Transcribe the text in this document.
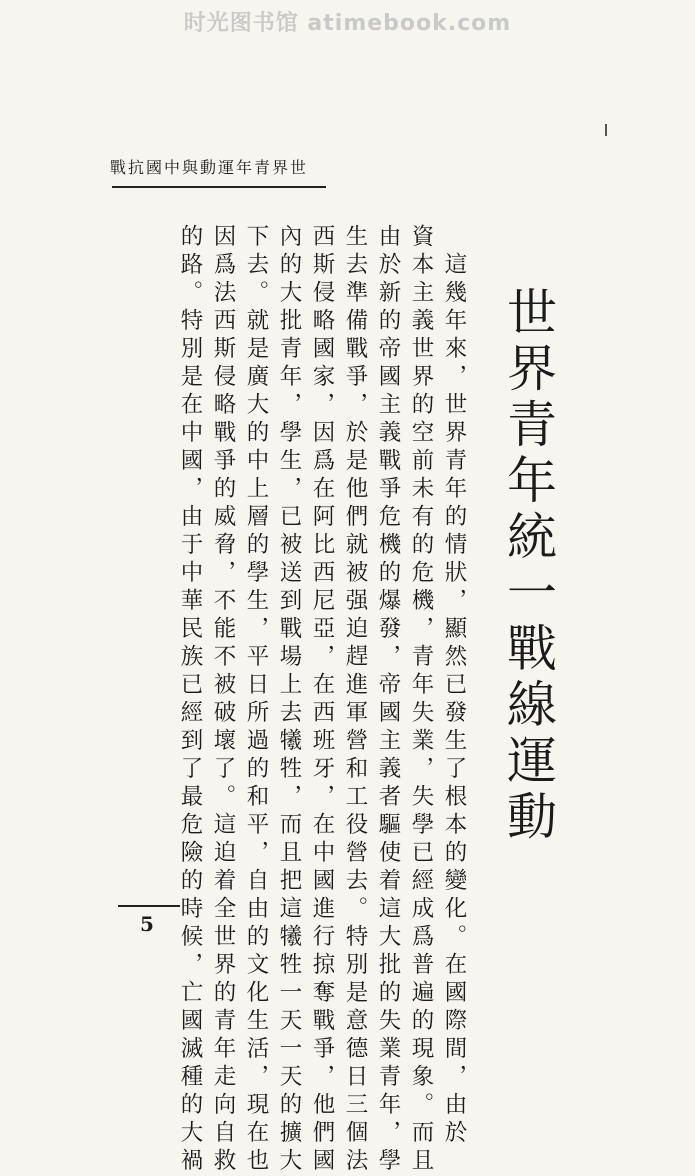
时光图书馆 atimebook.com
世界青年運動與中國抗戰
世界青年統一戰線運動

　這幾年來，世界青年的情狀，顯然已發生了根本的變化。在國際間，由於

資本主義世界的空前未有的危機，青年失業，失學已經成爲普遍的現象。而且

由於新的帝國主義戰爭危機的爆發，帝國主義者驅使着這大批的失業青年，學

生去準備戰爭，於是他們就被强迫趕進軍營和工役營去。特別是意德日三個法

西斯侵略國家，因爲在阿比西尼亞，在西班牙，在中國進行掠奪戰爭，他們國

內的大批青年，學生，已被送到戰場上去犧牲，而且把這犧牲一天一天的擴大

下去。就是廣大的中上層的學生，平日所過的和平，自由的文化生活，現在也

因爲法西斯侵略戰爭的威脅，不能不被破壞了。這迫着全世界的青年走向自救

的路。特別是在中國，由于中華民族已經到了最危險的時候，亡國滅種的大禍

5
